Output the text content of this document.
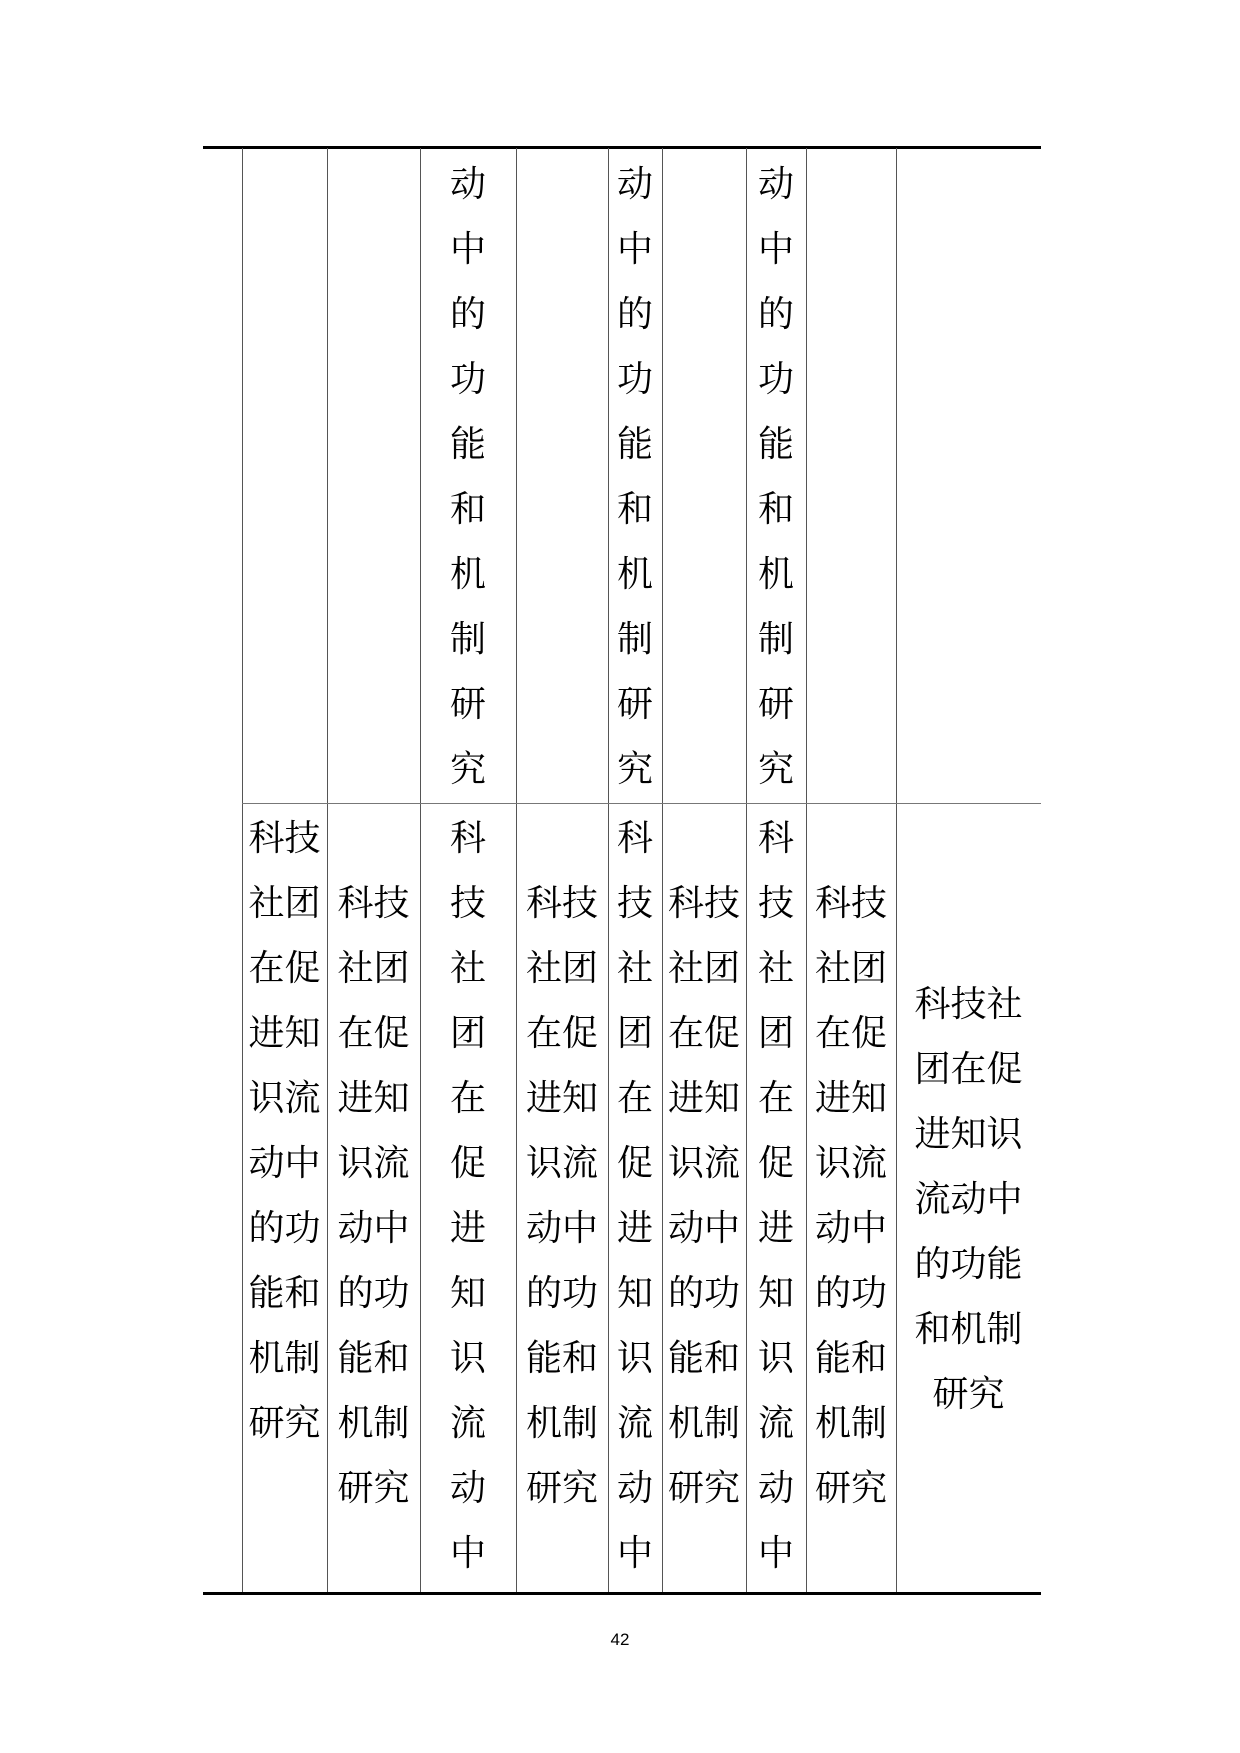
动
中
的
功
能
和
机
制
研
究
动
中
的
功
能
和
机
制
研
究
动
中
的
功
能
和
机
制
研
究
科技
社团
在促
进知
识流
动中
的功
能和
机制
研究
科技
社团
在促
进知
识流
动中
的功
能和
机制
研究
科
技
社
团
在
促
进
知
识
流
动
中
科技
社团
在促
进知
识流
动中
的功
能和
机制
研究
科
技
社
团
在
促
进
知
识
流
动
中
科技
社团
在促
进知
识流
动中
的功
能和
机制
研究
科
技
社
团
在
促
进
知
识
流
动
中
科技
社团
在促
进知
识流
动中
的功
能和
机制
研究
科技社
团在促
进知识
流动中
的功能
和机制
研究
42
